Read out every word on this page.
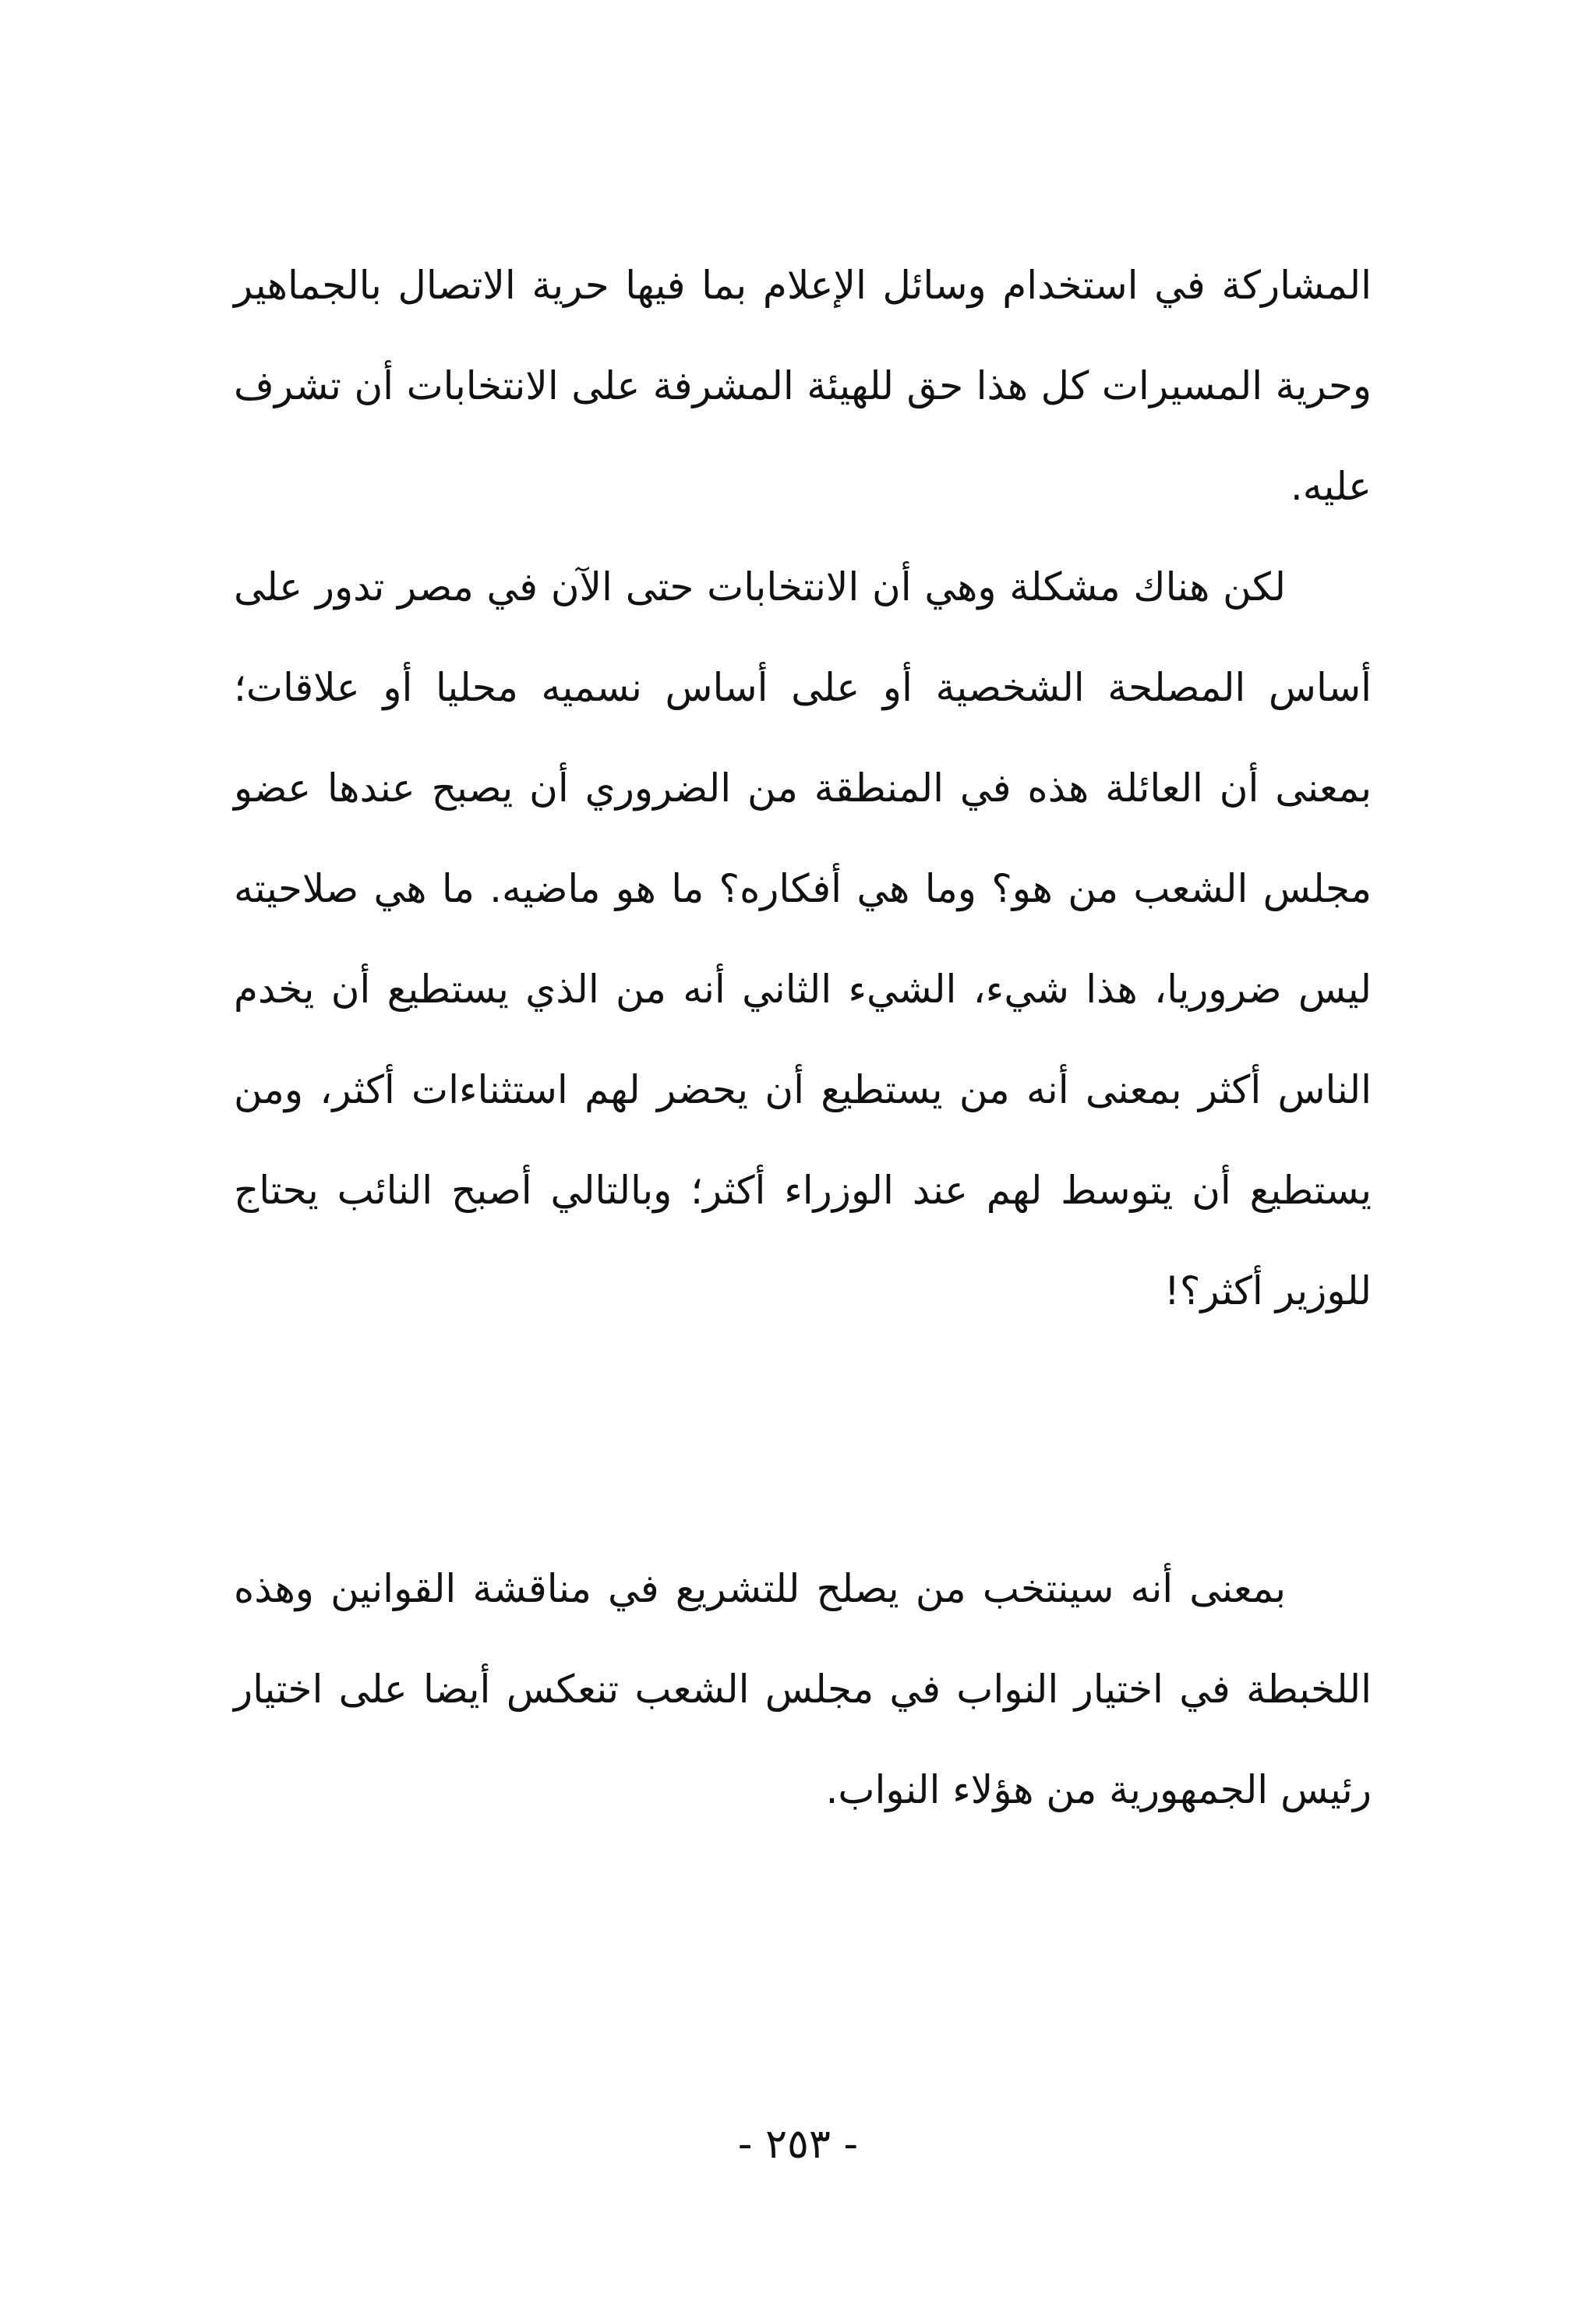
المشاركة في استخدام وسائل الإعلام بما فيها حرية الاتصال بالجماهير وحرية المسيرات كل هذا حق للهيئة المشرفة على الانتخابات أن تشرف عليه.

لكن هناك مشكلة وهي أن الانتخابات حتى الآن في مصر تدور على أساس المصلحة الشخصية أو على أساس نسميه محليا أو علاقات؛ بمعنى أن العائلة هذه في المنطقة من الضروري أن يصبح عندها عضو مجلس الشعب من هو؟ وما هي أفكاره؟ ما هو ماضيه. ما هي صلاحيته ليس ضروريا، هذا شيء، الشيء الثاني أنه من الذي يستطيع أن يخدم الناس أكثر بمعنى أنه من يستطيع أن يحضر لهم استثناءات أكثر، ومن يستطيع أن يتوسط لهم عند الوزراء أكثر؛ وبالتالي أصبح النائب يحتاج للوزير أكثر؟!

بمعنى أنه سينتخب من يصلح للتشريع في مناقشة القوانين وهذه اللخبطة في اختيار النواب في مجلس الشعب تنعكس أيضا على اختيار رئيس الجمهورية من هؤلاء النواب.

- ٢٥٣ -
